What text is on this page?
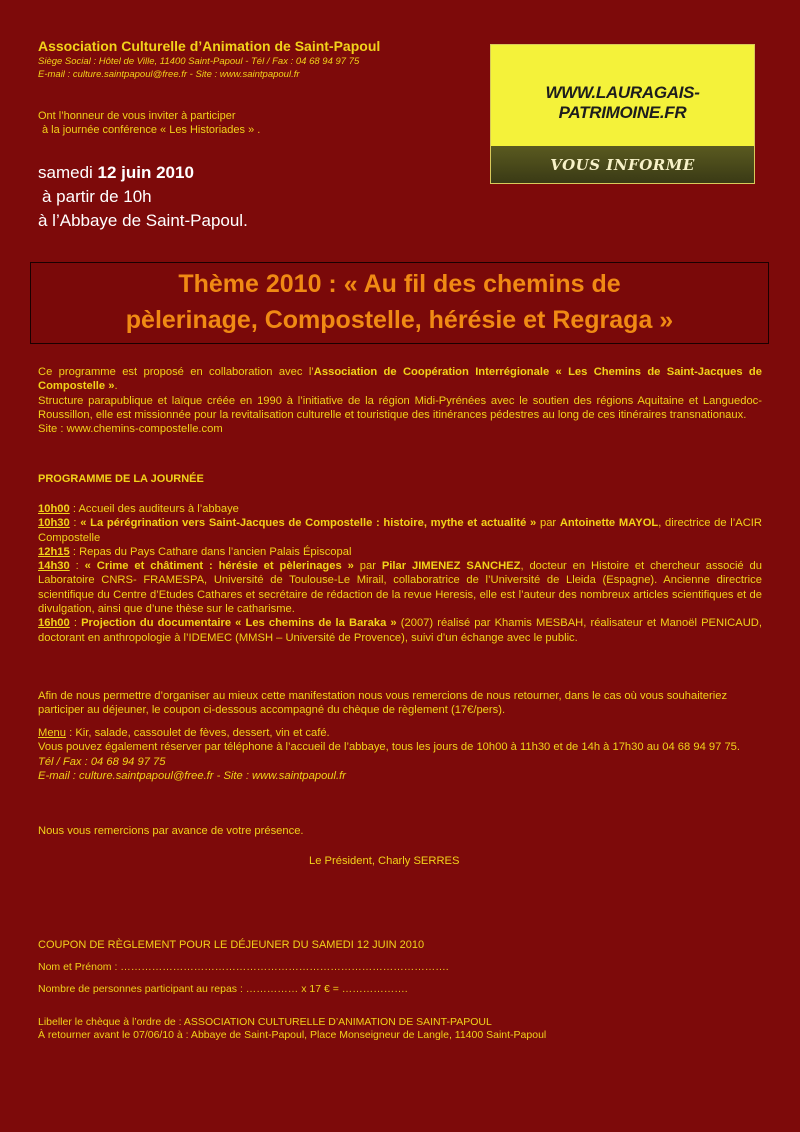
Association Culturelle d’Animation de Saint-Papoul
Siège Social : Hôtel de Ville, 11400 Saint-Papoul - Tél / Fax : 04 68 94 97 75
E-mail : culture.saintpapoul@free.fr - Site : www.saintpapoul.fr
Ont l’honneur de vous inviter à participer
à la journée conférence « Les Historiades » .
samedi 12 juin 2010
à partir de 10h
à l’Abbaye de Saint-Papoul.
WWW.LAURAGAIS-PATRIMOINE.FR
VOUS INFORME
Thème 2010 : « Au fil des chemins de
pèlerinage, Compostelle, hérésie et Regraga »
Ce programme est proposé en collaboration avec l’Association de Coopération Interrégionale « Les Chemins de Saint-Jacques de Compostelle ».
Structure parapublique et laïque créée en 1990 à l’initiative de la région Midi-Pyrénées avec le soutien des régions Aquitaine et Languedoc-Roussillon, elle est missionnée pour la revitalisation culturelle et touristique des itinérances pédestres au long de ces itinéraires transnationaux.
Site : www.chemins-compostelle.com
PROGRAMME DE LA JOURNÉE
10h00 : Accueil des auditeurs à l’abbaye
10h30 : « La pérégrination vers Saint-Jacques de Compostelle : histoire, mythe et actualité » par Antoinette MAYOL, directrice de l’ACIR Compostelle
12h15 : Repas du Pays Cathare dans l’ancien Palais Épiscopal
14h30 : « Crime et châtiment : hérésie et pèlerinages » par Pilar JIMENEZ SANCHEZ, docteur en Histoire et chercheur associé du Laboratoire CNRS- FRAMESPA, Université de Toulouse-Le Mirail, collaboratrice de l’Université de Lleida (Espagne). Ancienne directrice scientifique du Centre d’Etudes Cathares et secrétaire de rédaction de la revue Heresis, elle est l’auteur des nombreux articles scientifiques et de divulgation, ainsi que d’une thèse sur le catharisme.
16h00 : Projection du documentaire « Les chemins de la Baraka » (2007) réalisé par Khamis MESBAH, réalisateur et Manoël PENICAUD, doctorant en anthropologie à l’IDEMEC (MMSH – Université de Provence), suivi d’un échange avec le public.
Afin de nous permettre d’organiser au mieux cette manifestation nous vous remercions de nous retourner, dans le cas où vous souhaiteriez participer au déjeuner, le coupon ci-dessous accompagné du chèque de règlement (17€/pers).
Menu : Kir, salade, cassoulet de fèves, dessert, vin et café.
Vous pouvez également réserver par téléphone à l’accueil de l’abbaye, tous les jours de 10h00 à 11h30 et de 14h à 17h30 au 04 68 94 97 75.
Tél / Fax : 04 68 94 97 75
E-mail : culture.saintpapoul@free.fr - Site : www.saintpapoul.fr
Nous vous remercions par avance de votre présence.
Le Président, Charly SERRES
COUPON DE RÈGLEMENT POUR LE DÉJEUNER DU SAMEDI 12 JUIN 2010
Nom et Prénom : ………………………………………………………………………………….
Nombre de personnes participant au repas : …………… x 17 € = ……………….
Libeller le chèque à l’ordre de : ASSOCIATION CULTURELLE D’ANIMATION DE SAINT-PAPOUL
À retourner avant le 07/06/10 à : Abbaye de Saint-Papoul, Place Monseigneur de Langle, 11400 Saint-Papoul
